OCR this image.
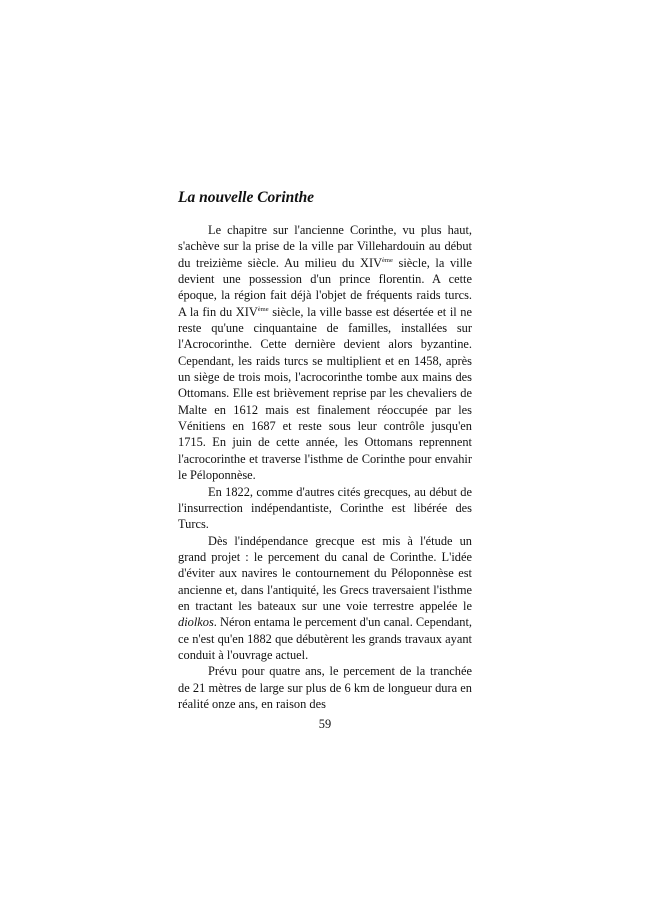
La nouvelle Corinthe

Le chapitre sur l'ancienne Corinthe, vu plus haut, s'achève sur la prise de la ville par Villehardouin au début du treizième siècle. Au milieu du XIVème siècle, la ville devient une possession d'un prince florentin. A cette époque, la région fait déjà l'objet de fréquents raids turcs. A la fin du XIVème siècle, la ville basse est désertée et il ne reste qu'une cinquantaine de familles, installées sur l'Acrocorinthe. Cette dernière devient alors byzantine. Cependant, les raids turcs se multiplient et en 1458, après un siège de trois mois, l'acrocorinthe tombe aux mains des Ottomans. Elle est brièvement reprise par les chevaliers de Malte en 1612 mais est finalement réoccupée par les Vénitiens en 1687 et reste sous leur contrôle jusqu'en 1715. En juin de cette année, les Ottomans reprennent l'acrocorinthe et traverse l'isthme de Corinthe pour envahir le Péloponnèse.

En 1822, comme d'autres cités grecques, au début de l'insurrection indépendantiste, Corinthe est libérée des Turcs.

Dès l'indépendance grecque est mis à l'étude un grand projet : le percement du canal de Corinthe. L'idée d'éviter aux navires le contournement du Péloponnèse est ancienne et, dans l'antiquité, les Grecs traversaient l'isthme en tractant les bateaux sur une voie terrestre appelée le diolkos. Néron entama le percement d'un canal. Cependant, ce n'est qu'en 1882 que débutèrent les grands travaux ayant conduit à l'ouvrage actuel.

Prévu pour quatre ans, le percement de la tranchée de 21 mètres de large sur plus de 6 km de longueur dura en réalité onze ans, en raison des

59
